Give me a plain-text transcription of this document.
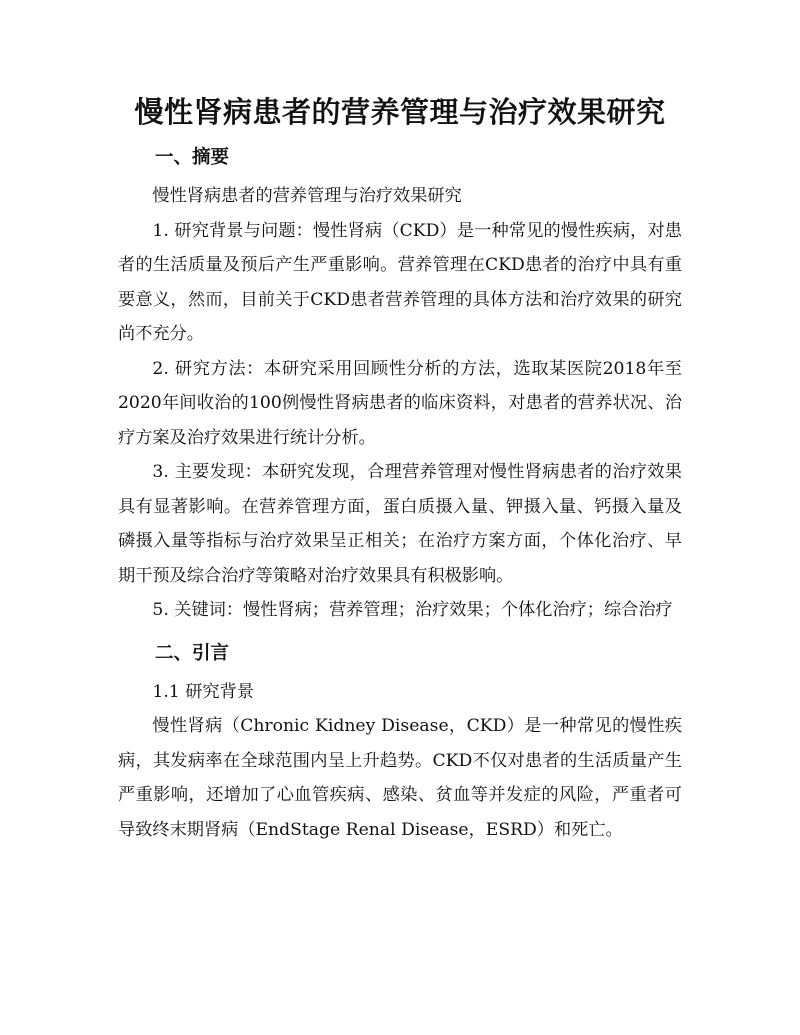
慢性肾病患者的营养管理与治疗效果研究
一、摘要

慢性肾病患者的营养管理与治疗效果研究

1. 研究背景与问题：慢性肾病（CKD）是一种常见的慢性疾病，对患者的生活质量及预后产生严重影响。营养管理在CKD患者的治疗中具有重要意义，然而，目前关于CKD患者营养管理的具体方法和治疗效果的研究尚不充分。

2. 研究方法：本研究采用回顾性分析的方法，选取某医院2018年至2020年间收治的100例慢性肾病患者的临床资料，对患者的营养状况、治疗方案及治疗效果进行统计分析。

3. 主要发现：本研究发现，合理营养管理对慢性肾病患者的治疗效果具有显著影响。在营养管理方面，蛋白质摄入量、钾摄入量、钙摄入量及磷摄入量等指标与治疗效果呈正相关；在治疗方案方面，个体化治疗、早期干预及综合治疗等策略对治疗效果具有积极影响。

5. 关键词：慢性肾病；营养管理；治疗效果；个体化治疗；综合治疗

二、引言

1.1 研究背景

慢性肾病（Chronic Kidney Disease，CKD）是一种常见的慢性疾病，其发病率在全球范围内呈上升趋势。CKD不仅对患者的生活质量产生严重影响，还增加了心血管疾病、感染、贫血等并发症的风险，严重者可导致终末期肾病（EndStage Renal Disease，ESRD）和死亡。
